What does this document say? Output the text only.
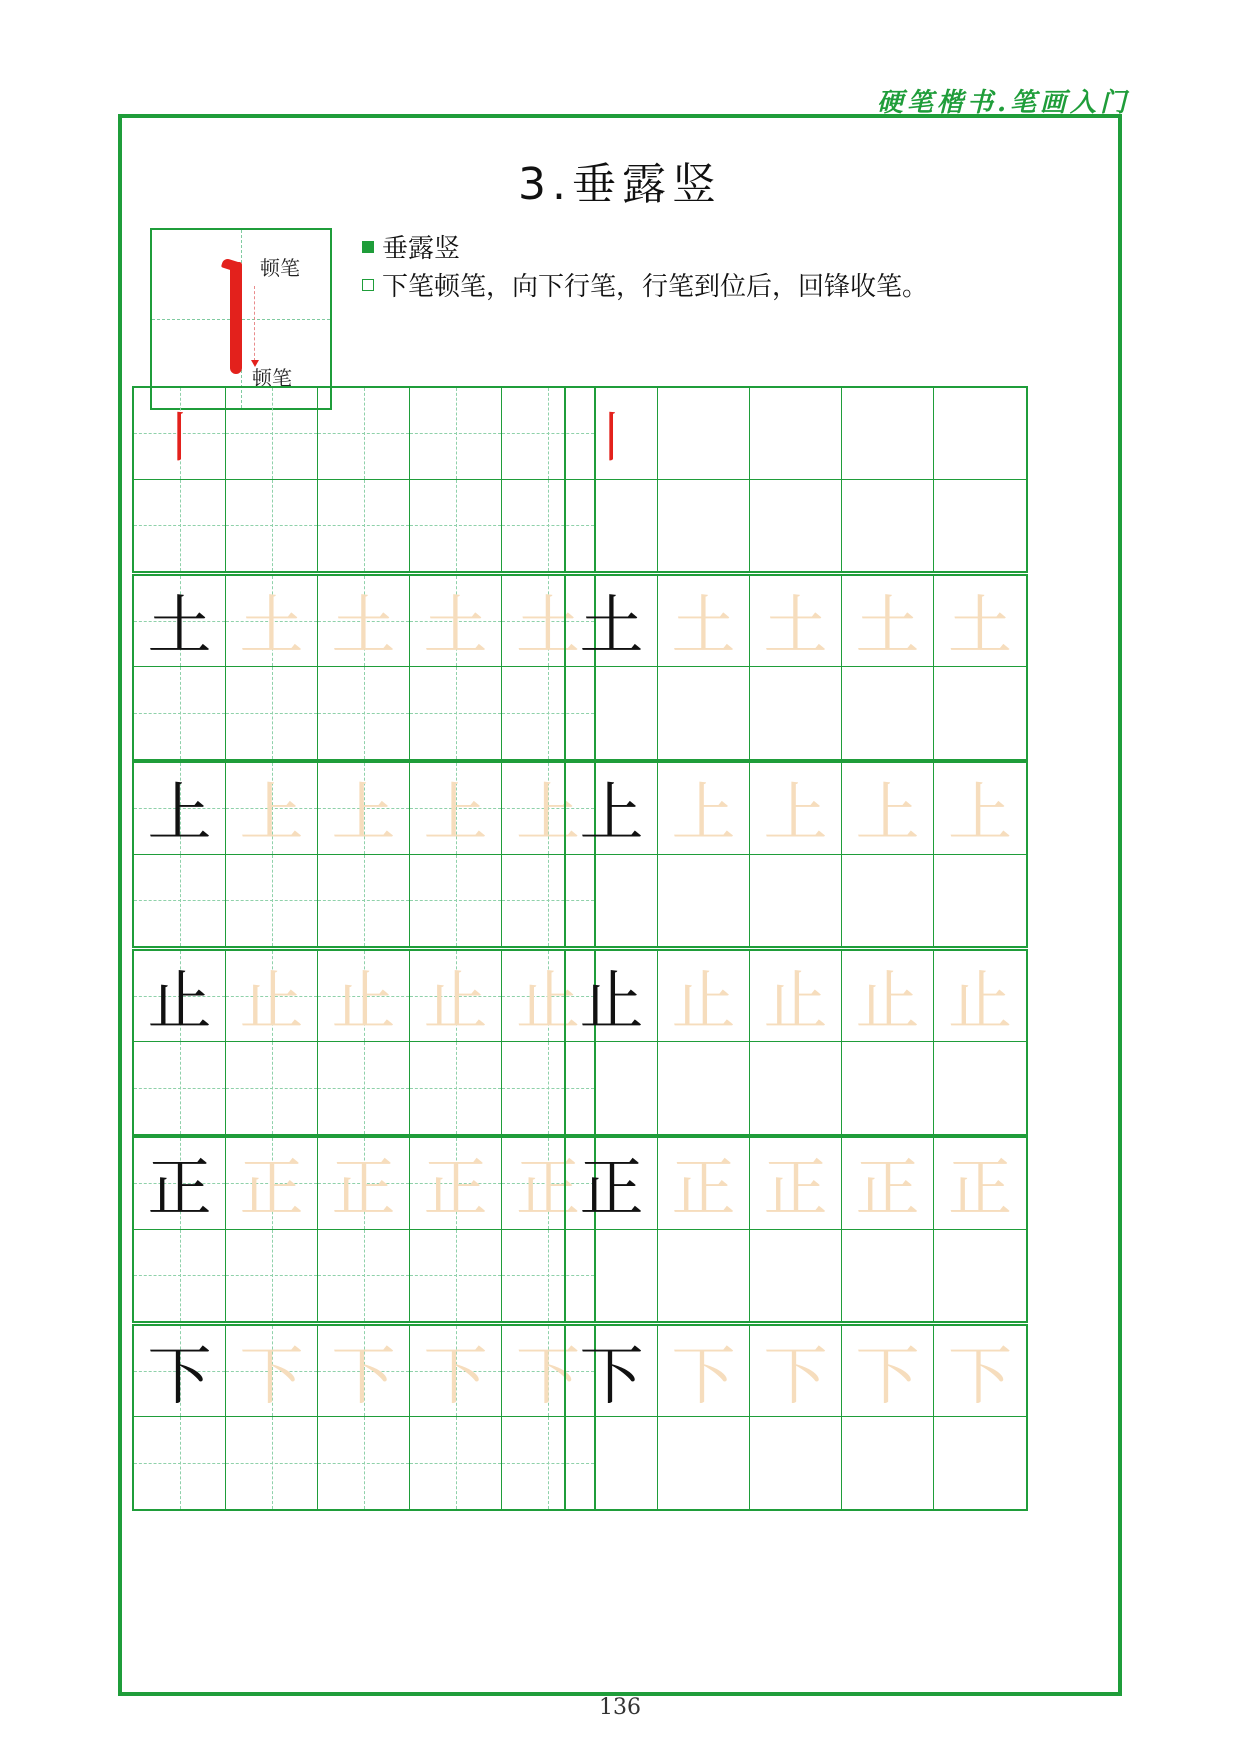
硬笔楷书.笔画入门
3.垂露竖
顿笔
顿笔
垂露竖
下笔顿笔，向下行笔，行笔到位后，回锋收笔。
丨	丨
土 土 土 土 土 土 土 土 土 土
上 上 上 上 上 上 上 上 上 上
止 止 止 止 止 止 止 止 止 止
正 正 正 正 正 正 正 正 正 正
下 下 下 下 下 下 下 下 下 下
136
